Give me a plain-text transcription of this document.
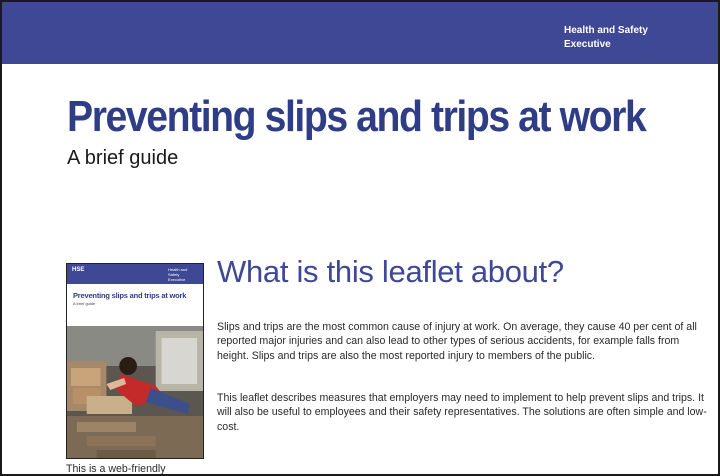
Health and Safety
Executive
Preventing slips and trips at work
A brief guide
HSE	Health and Safety
Executive
Preventing slips and trips at work
A brief guide
What is this leaflet about?
Slips and trips are the most common cause of injury at work. On average, they cause 40 per cent of all reported major injuries and can also lead to other types of serious accidents, for example falls from height. Slips and trips are also the most reported injury to members of the public.
This leaflet describes measures that employers may need to implement to help prevent slips and trips. It will also be useful to employees and their safety representatives. The solutions are often simple and low-cost.
This is a web-friendly
